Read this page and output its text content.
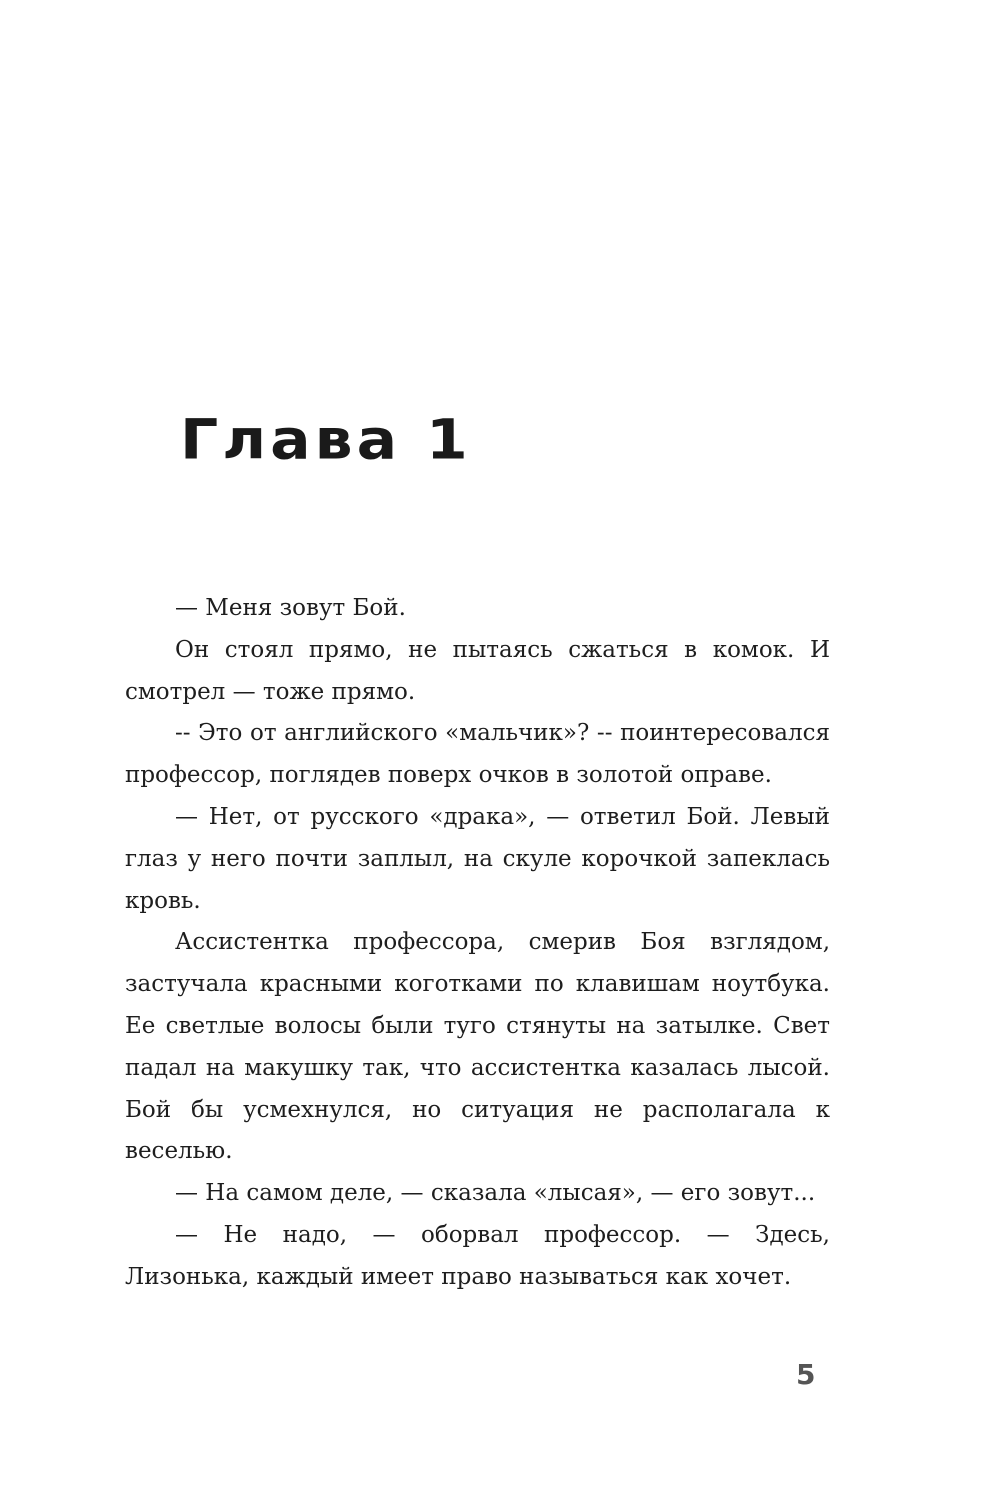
Глава 1

— Меня зовут Бой.

Он стоял прямо, не пытаясь сжаться в комок. И смотрел — тоже прямо.

-- Это от английского «мальчик»? -- поинтересовался профессор, поглядев поверх очков в золотой оправе.

— Нет, от русского «драка», — ответил Бой. Левый глаз у него почти заплыл, на скуле корочкой запеклась кровь.

Ассистентка профессора, смерив Боя взглядом, застучала красными коготками по клавишам ноутбука. Ее светлые волосы были туго стянуты на затылке. Свет падал на макушку так, что ассистентка казалась лысой. Бой бы усмехнулся, но ситуация не располагала к веселью.

— На самом деле, — сказала «лысая», — его зовут...

— Не надо, — оборвал профессор. — Здесь, Лизонька, каждый имеет право называться как хочет.

5
